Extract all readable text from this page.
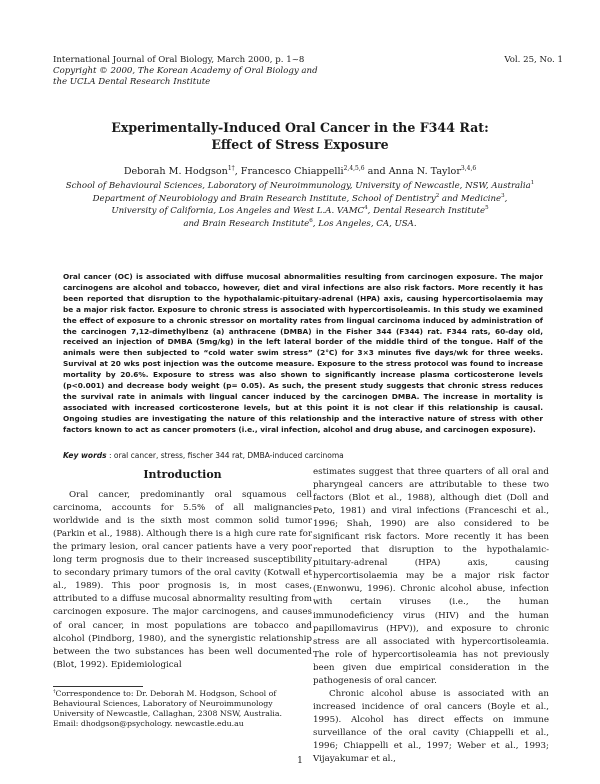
International Journal of Oral Biology, March 2000, p. 1~8
Copyright © 2000, The Korean Academy of Oral Biology and
the UCLA Dental Research Institute
Vol. 25, No. 1
Experimentally-Induced Oral Cancer in the F344 Rat:
Effect of Stress Exposure
Deborah M. Hodgson$^{1\dagger}$, Francesco Chiappelli$^{2,4,5,6}$ and Anna N. Taylor$^{3,4,6}$
School of Behavioural Sciences, Laboratory of Neuroimmunology, University of Newcastle, NSW, Australia$^1$
Department of Neurobiology and Brain Research Institute, School of Dentistry$^2$ and Medicine$^3$,
University of California, Los Angeles and West L.A. VAMC$^4$, Dental Research Institute$^5$
and Brain Research Institute$^6$, Los Angeles, CA, USA.
Oral cancer (OC) is associated with diffuse mucosal abnormalities resulting from carcinogen exposure. The major carcinogens are alcohol and tobacco, however, diet and viral infections are also risk factors. More recently it has been reported that disruption to the hypothalamic-pituitary-adrenal (HPA) axis, causing hypercortisolaemia may be a major risk factor. Exposure to chronic stress is associated with hypercortisoleamis. In this study we examined the effect of exposure to a chronic stressor on mortality rates from lingual carcinoma induced by administration of the carcinogen 7,12-dimethylbenz (a) anthracene (DMBA) in the Fisher 344 (F344) rat. F344 rats, 60-day old, received an injection of DMBA (5mg/kg) in the left lateral border of the middle third of the tongue. Half of the animals were then subjected to “cold water swim stress” (2°C) for 3×3 minutes five days/wk for three weeks. Survival at 20 wks post injection was the outcome measure. Exposure to the stress protocol was found to increase mortality by 20.6%. Exposure to stress was also shown to significantly increase plasma corticosterone levels (p<0.001) and decrease body weight (p= 0.05). As such, the present study suggests that chronic stress reduces the survival rate in animals with lingual cancer induced by the carcinogen DMBA. The increase in mortality is associated with increased corticosterone levels, but at this point it is not clear if this relationship is causal. Ongoing studies are investigating the nature of this relationship and the interactive nature of stress with other factors known to act as cancer promoters (i.e., viral infection, alcohol and drug abuse, and carcinogen exposure).
Key words : oral cancer, stress, fischer 344 rat, DMBA-induced carcinoma
Introduction

Oral cancer, predominantly oral squamous cell carcinoma, accounts for 5.5% of all malignancies worldwide and is the sixth most common solid tumor (Parkin et al., 1988). Although there is a high cure rate for the primary lesion, oral cancer patients have a very poor long term prognosis due to their increased susceptibility to secondary primary tumors of the oral cavity (Kotwall et al., 1989). This poor prognosis is, in most cases, attributed to a diffuse mucosal abnormality resulting from carcinogen exposure. The major carcinogens, and causes of oral cancer, in most populations are tobacco and alcohol (Pindborg, 1980), and the synergistic relationship between the two substances has been well documented (Blot, 1992). Epidemiological

estimates suggest that three quarters of all oral and pharyngeal cancers are attributable to these two factors (Blot et al., 1988), although diet (Doll and Peto, 1981) and viral infections (Franceschi et al., 1996; Shah, 1990) are also considered to be significant risk factors. More recently it has been reported that disruption to the hypothalamic-pituitary-adrenal (HPA) axis, causing hypercortisolaemia may be a major risk factor (Enwonwu, 1996). Chronic alcohol abuse, infection with certain viruses (i.e., the human immunodeficiency virus (HIV) and the human papillomavirus (HPV)), and exposure to chronic stress are all associated with hypercortisoleamia. The role of hypercortisoleamia has not previously been given due empirical consideration in the pathogenesis of oral cancer.

Chronic alcohol abuse is associated with an increased incidence of oral cancers (Boyle et al., 1995). Alcohol has direct effects on immune surveillance of the oral cavity (Chiappelli et al., 1996; Chiappelli et al., 1997; Weber et al., 1993; Vijayakumar et al.,

†Correspondence to: Dr. Deborah M. Hodgson, School of Behavioural Sciences, Laboratory of Neuroimmunology University of Newcastle, Callaghan, 2308 NSW, Australia. Email: dhodgson@psychology. newcastle.edu.au
1
